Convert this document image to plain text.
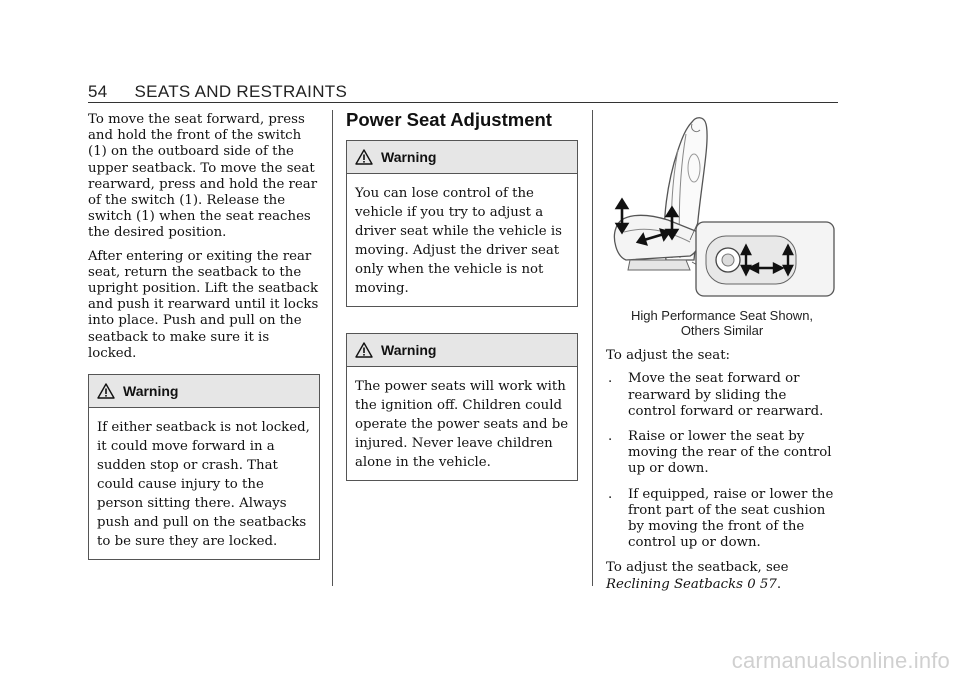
54 SEATS AND RESTRAINTS

To move the seat forward, press and hold the front of the switch (1) on the outboard side of the upper seatback. To move the seat rearward, press and hold the rear of the switch (1). Release the switch (1) when the seat reaches the desired position.

After entering or exiting the rear seat, return the seatback to the upright position. Lift the seatback and push it rearward until it locks into place. Push and pull on the seatback to make sure it is locked.

Warning
If either seatback is not locked, it could move forward in a sudden stop or crash. That could cause injury to the person sitting there. Always push and pull on the seatbacks to be sure they are locked.
Power Seat Adjustment
Warning
You can lose control of the vehicle if you try to adjust a driver seat while the vehicle is moving. Adjust the driver seat only when the vehicle is not moving.
Warning
The power seats will work with the ignition off. Children could operate the power seats and be injured. Never leave children alone in the vehicle.
High Performance Seat Shown,
Others Similar

To adjust the seat:

. Move the seat forward or rearward by sliding the control forward or rearward.
. Raise or lower the seat by moving the rear of the control up or down.
. If equipped, raise or lower the front part of the seat cushion by moving the front of the control up or down.

To adjust the seatback, see Reclining Seatbacks 0 57.

carmanualsonline.info
